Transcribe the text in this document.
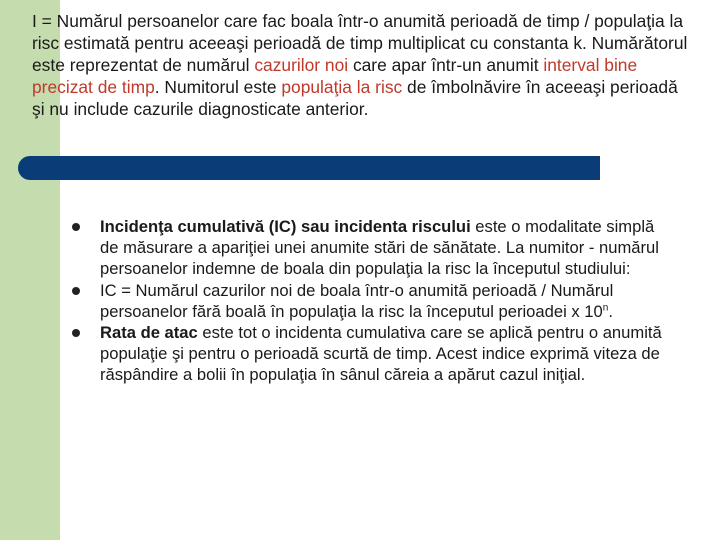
I = Numărul persoanelor care fac boala într-o anumită perioadă de timp / populaţia la risc estimată pentru aceeaşi perioadă de timp multiplicat cu constanta k. Numărătorul este reprezentat de numărul cazurilor noi care apar într-un anumit interval bine precizat de timp. Numitorul este populaţia la risc de îmbolnăvire în aceeaşi perioadă şi nu include cazurile diagnosticate anterior.

Incidenţa cumulativă (IC) sau incidenta riscului este o modalitate simplă de măsurare a apariţiei unei anumite stări de sănătate. La numitor - numărul persoanelor indemne de boala din populaţia la risc la începutul studiului:
IC = Numărul cazurilor noi de boala într-o anumită perioadă / Numărul persoanelor fără boală în populaţia la risc la începutul perioadei x 10$^n$.
Rata de atac este tot o incidenta cumulativa care se aplică pentru o anumită populaţie şi pentru o perioadă scurtă de timp. Acest indice exprimă viteza de răspândire a bolii în populaţia în sânul căreia a apărut cazul iniţial.
